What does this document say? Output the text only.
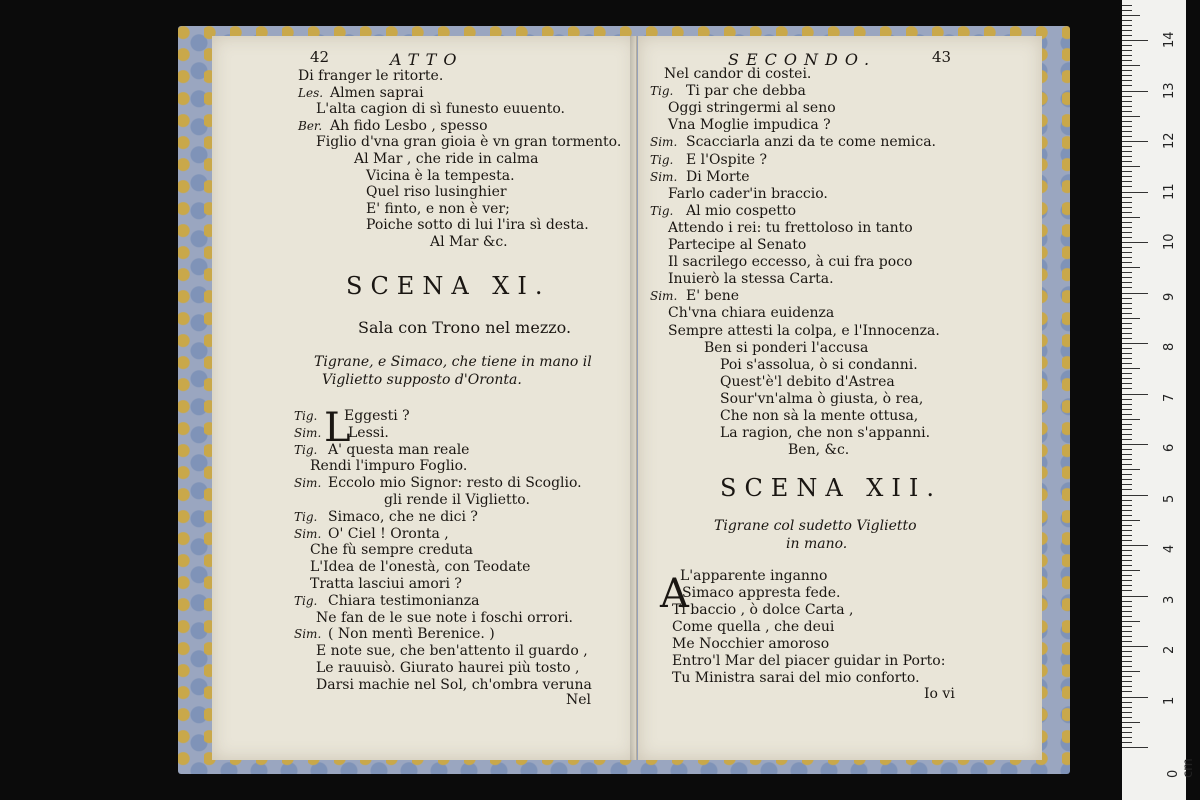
42	ATTO
Di franger le ritorte.
Les. Almen saprai
L'alta cagion di sì funesto euuento.
Ber. Ah fido Lesbo , spesso
Figlio d'vna gran gioia è vn gran tormento.
Al Mar , che ride in calma
Vicina è la tempesta.
Quel riso lusinghier
E' finto, e non è ver;
Poiche sotto di lui l'ira sì desta.
Al Mar &c.
SCENA XI.
Sala con Trono nel mezzo.
Tigrane, e Simaco, che tiene in mano il
Viglietto supposto d'Oronta.
L
Tig. Eggesti ?
Sim. Lessi.
Tig. A' questa man reale
Rendi l'impuro Foglio.
Sim. Eccolo mio Signor: resto di Scoglio.
gli rende il Viglietto.
Tig. Simaco, che ne dici ?
Sim. O' Ciel ! Oronta ,
Che fù sempre creduta
L'Idea de l'onestà, con Teodate
Tratta lasciui amori ?
Tig. Chiara testimonianza
Ne fan de le sue note i foschi orrori.
Sim. ( Non mentì Berenice. )
E note sue, che ben'attento il guardo ,
Le rauuisò. Giurato haurei più tosto ,
Darsi machie nel Sol, ch'ombra veruna
Nel
SECONDO.	43
Nel candor di costei.
Tig. Ti par che debba
Oggi stringermi al seno
Vna Moglie impudica ?
Sim. Scacciarla anzi da te come nemica.
Tig. E l'Ospite ?
Sim. Di Morte
Farlo cader'in braccio.
Tig. Al mio cospetto
Attendo i rei: tu frettoloso in tanto
Partecipe al Senato
Il sacrilego eccesso, à cui fra poco
Inuierò la stessa Carta.
Sim. E' bene
Ch'vna chiara euidenza
Sempre attesti la colpa, e l'Innocenza.
Ben si ponderi l'accusa
Poi s'assolua, ò si condanni.
Quest'è'l debito d'Astrea
Sour'vn'alma ò giusta, ò rea,
Che non sà la mente ottusa,
La ragion, che non s'appanni.
Ben, &c.
SCENA XII.
Tigrane col sudetto Viglietto
in mano.
A
L'apparente inganno
Simaco appresta fede.
Ti baccio , ò dolce Carta ,
Come quella , che deui
Me Nocchier amoroso
Entro'l Mar del piacer guidar in Porto:
Tu Ministra sarai del mio conforto.
Io vi
0 cm
1
2
3
4
5
6
7
8
9
10
11
12
13
14
